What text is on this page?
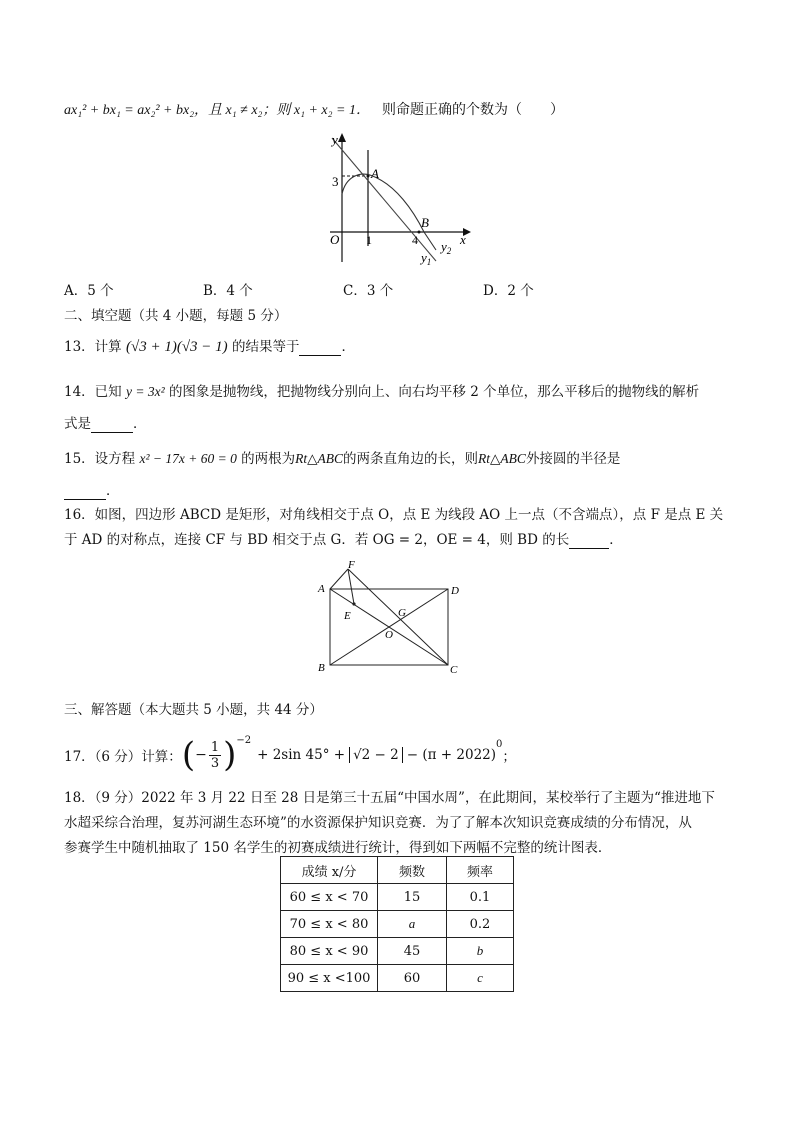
ax₁² + bx₁ = ax₂² + bx₂，且 x₁ ≠ x₂；则 x₁ + x₂ = 1． 则命题正确的个数为（　　）
y
x
O
3
1	4
A
B
$y_2$
$y_1$
A．5 个	B．4 个	C．3 个	D．2 个
二、填空题（共 4 小题，每题 5 分）
13．计算 (√3 + 1)(√3 − 1) 的结果等于	．
14．已知 y = 3x² 的图象是抛物线，把抛物线分别向上、向右均平移 2 个单位，那么平移后的抛物线的解析
式是	．
15．设方程 x² − 17x + 60 = 0 的两根为Rt△ABC的两条直角边的长，则Rt△ABC外接圆的半径是
．
16．如图，四边形 ABCD 是矩形，对角线相交于点 O，点 E 为线段 AO 上一点（不含端点），点 F 是点 E 关
于 AD 的对称点，连接 CF 与 BD 相交于点 G．若 OG = 2，OE = 4，则 BD 的长	．
A
B	C
D
E
F
G
O
三、解答题（本大题共 5 小题，共 44 分）
17．（6 分）计算： ( − $\frac{1}{3} )^{-2}$
+ 2sin 45° + √2 − 2 − (π + 2022)
$^0$
；
18．（9 分）2022 年 3 月 22 日至 28 日是第三十五届“中国水周”，在此期间，某校举行了主题为“推进地下
水超采综合治理，复苏河湖生态环境”的水资源保护知识竞赛．为了了解本次知识竞赛成绩的分布情况，从
参赛学生中随机抽取了 150 名学生的初赛成绩进行统计，得到如下两幅不完整的统计图表．
成绩 x/分	频数	频率
60 ≤ x < 70	15	0.1
70 ≤ x < 80	a	0.2
80 ≤ x < 90	45	b
90 ≤ x <100	60	c
